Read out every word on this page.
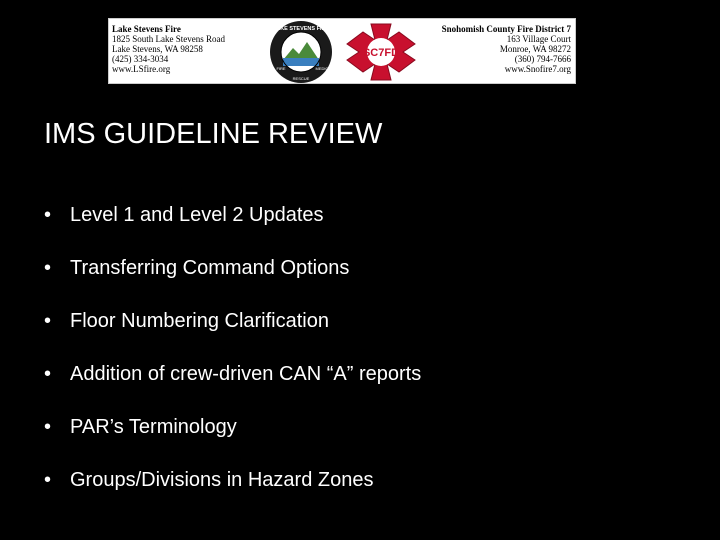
Lake Stevens Fire
1825 South Lake Stevens Road
Lake Stevens, WA 98258
(425) 334-3034
www.LSfire.org
LAKE STEVENS FIRE
FIRE
RESCUE
MEDIC
1946
SC7FD
Snohomish County Fire District 7
163 Village Court
Monroe, WA 98272
(360) 794-7666
www.Snofire7.org
IMS GUIDELINE REVIEW
• Level 1 and Level 2 Updates
• Transferring Command Options
• Floor Numbering Clarification
• Addition of crew-driven CAN “A” reports
• PAR’s Terminology
• Groups/Divisions in Hazard Zones
